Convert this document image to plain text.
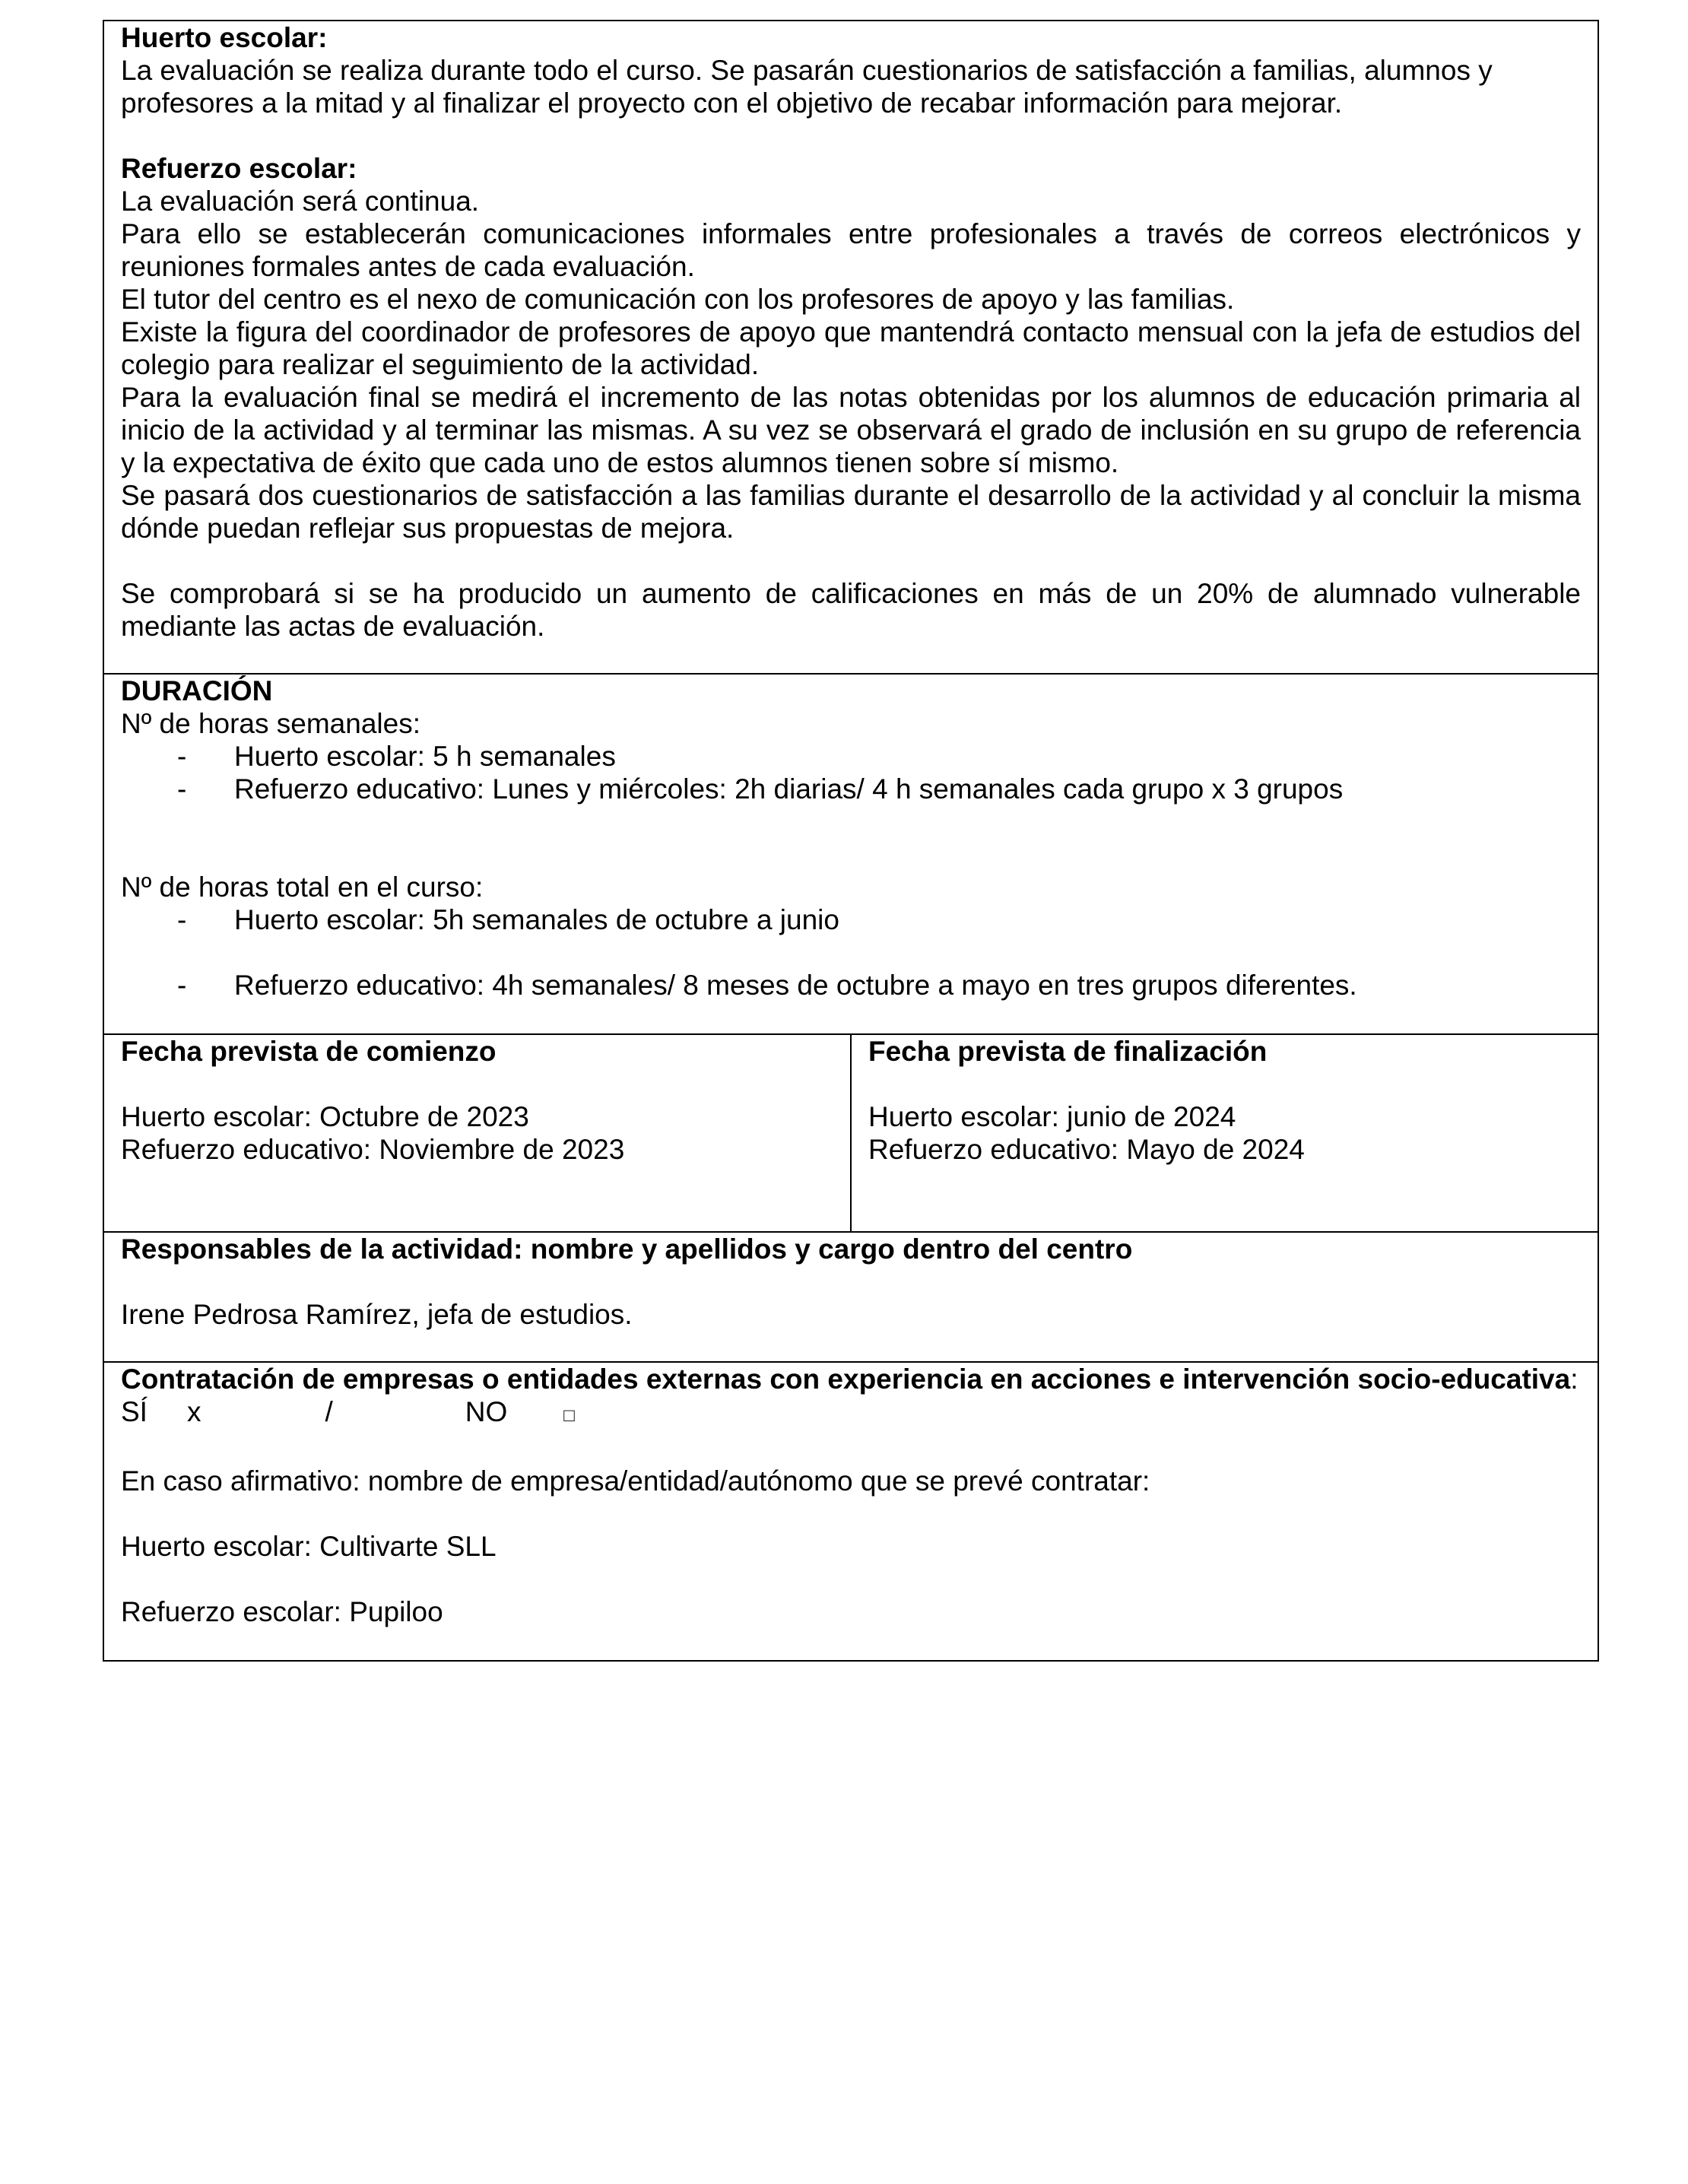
Huerto escolar:

La evaluación se realiza durante todo el curso. Se pasarán cuestionarios de satisfacción a familias, alumnos y profesores a la mitad y al finalizar el proyecto con el objetivo de recabar información para mejorar.

Refuerzo escolar:

La evaluación será continua.

Para ello se establecerán comunicaciones informales entre profesionales a través de correos electrónicos y reuniones formales antes de cada evaluación.

El tutor del centro es el nexo de comunicación con los profesores de apoyo y las familias.

Existe la figura del coordinador de profesores de apoyo que mantendrá contacto mensual con la jefa de estudios del colegio para realizar el seguimiento de la actividad.

Para la evaluación final se medirá el incremento de las notas obtenidas por los alumnos de educación primaria al inicio de la actividad y al terminar las mismas. A su vez se observará el grado de inclusión en su grupo de referencia y la expectativa de éxito que cada uno de estos alumnos tienen sobre sí mismo.

Se pasará dos cuestionarios de satisfacción a las familias durante el desarrollo de la actividad y al concluir la misma dónde puedan reflejar sus propuestas de mejora.

Se comprobará si se ha producido un aumento de calificaciones en más de un 20% de alumnado vulnerable mediante las actas de evaluación.

DURACIÓN

Nº de horas semanales:

- Huerto escolar: 5 h semanales

- Refuerzo educativo: Lunes y miércoles: 2h diarias/ 4 h semanales cada grupo x 3 grupos

Nº de horas total en el curso:

- Huerto escolar: 5h semanales de octubre a junio

- Refuerzo educativo: 4h semanales/ 8 meses de octubre a mayo en tres grupos diferentes.

Fecha prevista de comienzo

Huerto escolar: Octubre de 2023

Refuerzo educativo: Noviembre de 2023

Fecha prevista de finalización

Huerto escolar: junio de 2024

Refuerzo educativo: Mayo de 2024

Responsables de la actividad: nombre y apellidos y cargo dentro del centro

Irene Pedrosa Ramírez, jefa de estudios.

Contratación de empresas o entidades externas con experiencia en acciones e intervención socio-educativa:

SÍ x	/	NO	□

En caso afirmativo: nombre de empresa/entidad/autónomo que se prevé contratar:

Huerto escolar: Cultivarte SLL

Refuerzo escolar: Pupiloo
